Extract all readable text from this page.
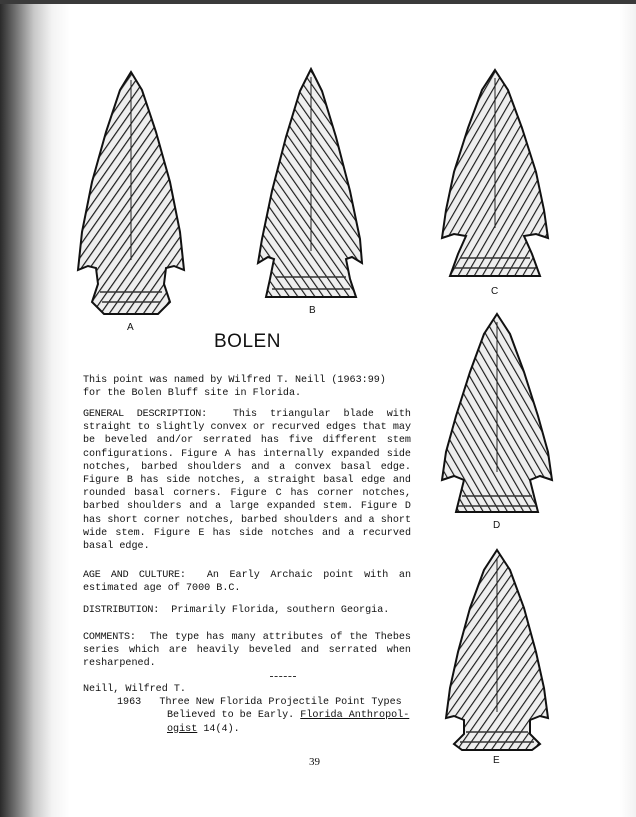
A
B
C
D
E
BOLEN
This point was named by Wilfred T. Neill (1963:99)
for the Bolen Bluff site in Florida.
GENERAL DESCRIPTION:	This triangular blade with straight to slightly convex or recurved edges that may be beveled and/or serrated has five different stem configurations. Figure A has internally expanded side notches, barbed shoulders and a convex basal edge. Figure B has side notches, a straight basal edge and rounded basal corners. Figure C has corner notches, barbed shoulders and a large expanded stem. Figure D has short corner notches, barbed shoulders and a short wide stem. Figure E has side notches and a recurved basal edge.
AGE AND CULTURE: An Early Archaic point with an estimated age of 7000 B.C.
DISTRIBUTION: Primarily Florida, southern Georgia.
COMMENTS: The type has many attributes of the Thebes series which are heavily beveled and serrated when resharpened.
Neill, Wilfred T.
1963 Three New Florida Projectile Point Types
Believed to be Early. Florida Anthropol-
ogist 14(4).
39
